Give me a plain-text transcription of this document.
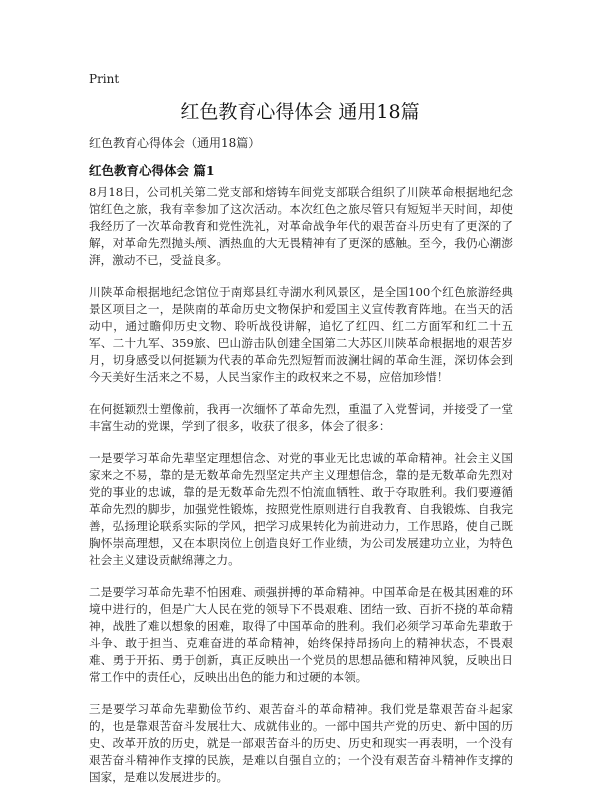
Print
红色教育心得体会 通用18篇
红色教育心得体会（通用18篇）
红色教育心得体会 篇1

8月18日，公司机关第二党支部和熔铸车间党支部联合组织了川陕革命根据地纪念馆红色之旅，我有幸参加了这次活动。本次红色之旅尽管只有短短半天时间，却使我经历了一次革命教育和党性洗礼，对革命战争年代的艰苦奋斗历史有了更深的了解，对革命先烈抛头颅、洒热血的大无畏精神有了更深的感触。至今，我仍心潮澎湃，激动不已，受益良多。

川陕革命根据地纪念馆位于南郑县红寺湖水利风景区，是全国100个红色旅游经典景区项目之一，是陕南的革命历史文物保护和爱国主义宣传教育阵地。在当天的活动中，通过瞻仰历史文物、聆听战役讲解，追忆了红四、红二方面军和红二十五军、二十九军、359旅、巴山游击队创建全国第二大苏区川陕革命根据地的艰苦岁月，切身感受以何挺颖为代表的革命先烈短暂而波澜壮阔的革命生涯，深切体会到今天美好生活来之不易，人民当家作主的政权来之不易，应倍加珍惜！

在何挺颖烈士塑像前，我再一次缅怀了革命先烈，重温了入党誓词，并接受了一堂丰富生动的党课，学到了很多，收获了很多，体会了很多：

一是要学习革命先辈坚定理想信念、对党的事业无比忠诚的革命精神。社会主义国家来之不易，靠的是无数革命先烈坚定共产主义理想信念，靠的是无数革命先烈对党的事业的忠诚，靠的是无数革命先烈不怕流血牺牲、敢于夺取胜利。我们要遵循革命先烈的脚步，加强党性锻炼，按照党性原则进行自我教育、自我锻炼、自我完善，弘扬理论联系实际的学风，把学习成果转化为前进动力，工作思路，使自己既胸怀崇高理想，又在本职岗位上创造良好工作业绩，为公司发展建功立业，为特色社会主义建设贡献绵薄之力。

二是要学习革命先辈不怕困难、顽强拼搏的革命精神。中国革命是在极其困难的环境中进行的，但是广大人民在党的领导下不畏艰难、团结一致、百折不挠的革命精神，战胜了难以想象的困难，取得了中国革命的胜利。我们必须学习革命先辈敢于斗争、敢于担当、克难奋进的革命精神，始终保持昂扬向上的精神状态，不畏艰难、勇于开拓、勇于创新，真正反映出一个党员的思想品德和精神风貌，反映出日常工作中的责任心，反映出出色的能力和过硬的本领。

三是要学习革命先辈勤俭节约、艰苦奋斗的革命精神。我们党是靠艰苦奋斗起家的，也是靠艰苦奋斗发展壮大、成就伟业的。一部中国共产党的历史、新中国的历史、改革开放的历史，就是一部艰苦奋斗的历史、历史和现实一再表明，一个没有艰苦奋斗精神作支撑的民族，是难以自强自立的；一个没有艰苦奋斗精神作支撑的国家，是难以发展进步的。
